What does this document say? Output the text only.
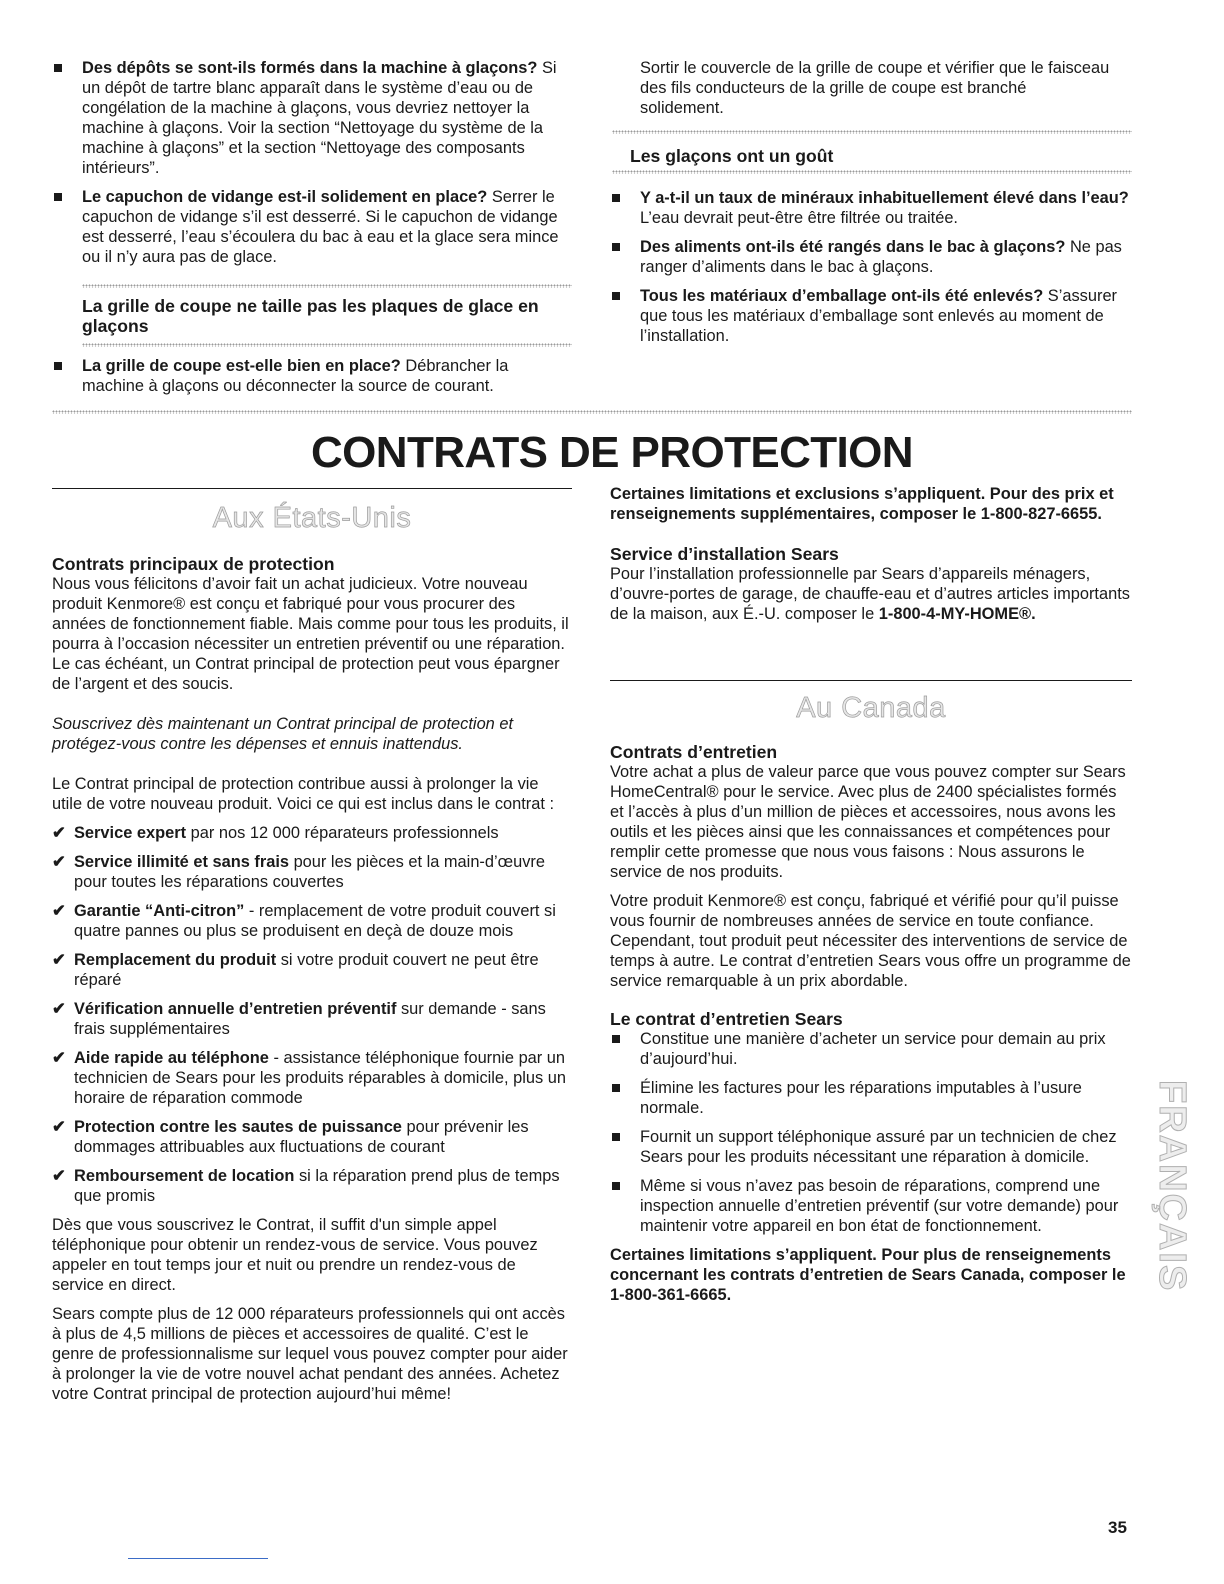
Des dépôts se sont-ils formés dans la machine à glaçons? Si un dépôt de tartre blanc apparaît dans le système d’eau ou de congélation de la machine à glaçons, vous devriez nettoyer la machine à glaçons. Voir la section “Nettoyage du système de la machine à glaçons” et la section “Nettoyage des composants intérieurs”.
Le capuchon de vidange est-il solidement en place? Serrer le capuchon de vidange s’il est desserré. Si le capuchon de vidange est desserré, l’eau s’écoulera du bac à eau et la glace sera mince ou il n’y aura pas de glace.
La grille de coupe ne taille pas les plaques de glace en glaçons
La grille de coupe est-elle bien en place? Débrancher la machine à glaçons ou déconnecter la source de courant.

Sortir le couvercle de la grille de coupe et vérifier que le faisceau des fils conducteurs de la grille de coupe est branché solidement.

Les glaçons ont un goût
Y a-t-il un taux de minéraux inhabituellement élevé dans l’eau? L’eau devrait peut-être être filtrée ou traitée.
Des aliments ont-ils été rangés dans le bac à glaçons? Ne pas ranger d’aliments dans le bac à glaçons.
Tous les matériaux d’emballage ont-ils été enlevés? S’assurer que tous les matériaux d’emballage sont enlevés au moment de l’installation.
CONTRATS DE PROTECTION
Aux États-Unis

Contrats principaux de protection

Nous vous félicitons d’avoir fait un achat judicieux. Votre nouveau produit Kenmore® est conçu et fabriqué pour vous procurer des années de fonctionnement fiable. Mais comme pour tous les produits, il pourra à l’occasion nécessiter un entretien préventif ou une réparation. Le cas échéant, un Contrat principal de protection peut vous épargner de l’argent et des soucis.

Souscrivez dès maintenant un Contrat principal de protection et protégez-vous contre les dépenses et ennuis inattendus.

Le Contrat principal de protection contribue aussi à prolonger la vie utile de votre nouveau produit. Voici ce qui est inclus dans le contrat :

✔ Service expert par nos 12 000 réparateurs professionnels
✔ Service illimité et sans frais pour les pièces et la main-d’œuvre pour toutes les réparations couvertes
✔ Garantie “Anti-citron” - remplacement de votre produit couvert si quatre pannes ou plus se produisent en deçà de douze mois
✔ Remplacement du produit si votre produit couvert ne peut être réparé
✔ Vérification annuelle d’entretien préventif sur demande - sans frais supplémentaires
✔ Aide rapide au téléphone - assistance téléphonique fournie par un technicien de Sears pour les produits réparables à domicile, plus un horaire de réparation commode
✔ Protection contre les sautes de puissance pour prévenir les dommages attribuables aux fluctuations de courant
✔ Remboursement de location si la réparation prend plus de temps que promis

Dès que vous souscrivez le Contrat, il suffit d'un simple appel téléphonique pour obtenir un rendez-vous de service. Vous pouvez appeler en tout temps jour et nuit ou prendre un rendez-vous de service en direct.

Sears compte plus de 12 000 réparateurs professionnels qui ont accès à plus de 4,5 millions de pièces et accessoires de qualité. C’est le genre de professionnalisme sur lequel vous pouvez compter pour aider à prolonger la vie de votre nouvel achat pendant des années. Achetez votre Contrat principal de protection aujourd’hui même!

Certaines limitations et exclusions s’appliquent. Pour des prix et renseignements supplémentaires, composer le 1-800-827-6655.

Service d’installation Sears

Pour l’installation professionnelle par Sears d’appareils ménagers, d’ouvre-portes de garage, de chauffe-eau et d’autres articles importants de la maison, aux É.-U. composer le 1-800-4-MY-HOME®.

Au Canada

Contrats d’entretien

Votre achat a plus de valeur parce que vous pouvez compter sur Sears HomeCentral® pour le service. Avec plus de 2400 spécialistes formés et l’accès à plus d’un million de pièces et accessoires, nous avons les outils et les pièces ainsi que les connaissances et compétences pour remplir cette promesse que nous vous faisons : Nous assurons le service de nos produits.

Votre produit Kenmore® est conçu, fabriqué et vérifié pour qu’il puisse vous fournir de nombreuses années de service en toute confiance. Cependant, tout produit peut nécessiter des interventions de service de temps à autre. Le contrat d’entretien Sears vous offre un programme de service remarquable à un prix abordable.

Le contrat d’entretien Sears

Constitue une manière d’acheter un service pour demain au prix d’aujourd’hui.
Élimine les factures pour les réparations imputables à l’usure normale.
Fournit un support téléphonique assuré par un technicien de chez Sears pour les produits nécessitant une réparation à domicile.
Même si vous n’avez pas besoin de réparations, comprend une inspection annuelle d’entretien préventif (sur votre demande) pour maintenir votre appareil en bon état de fonctionnement.

Certaines limitations s’appliquent. Pour plus de renseignements concernant les contrats d’entretien de Sears Canada, composer le 1-800-361-6665.

FRANÇAIS
35
